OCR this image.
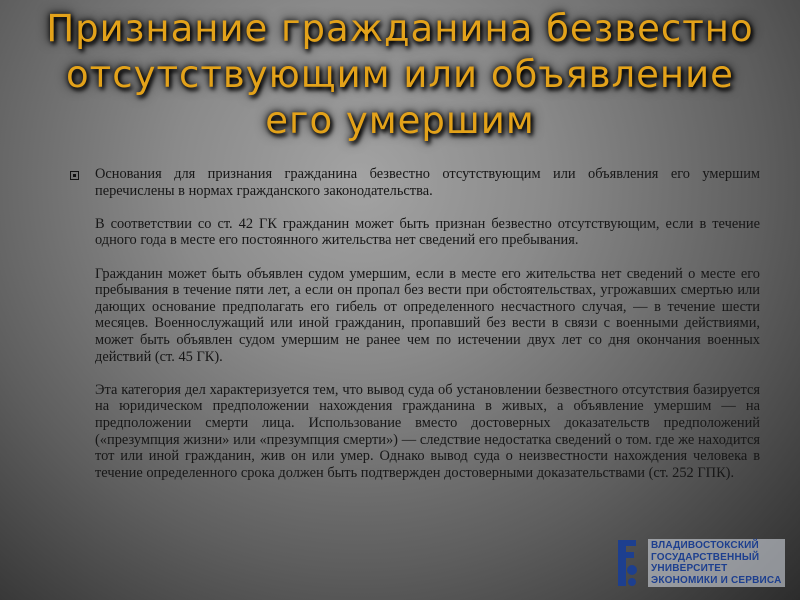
Признание гражданина безвестно
отсутствующим или объявление
его умершим

Основания для признания гражданина безвестно отсутствующим или объявления его умершим перечислены в нормах гражданского законодательства.

В соответствии со ст. 42 ГК гражданин может быть признан безвестно отсутствующим, если в течение одного года в месте его постоянного жительства нет сведений его пребывания.

Гражданин может быть объявлен судом умершим, если в месте его жительства нет сведений о месте его пребывания в течение пяти лет, а если он пропал без вести при обстоятельствах, угрожавших смертью или дающих основание предполагать его гибель от определенного несчастного случая, — в течение шести месяцев. Военнослужащий или иной гражданин, пропавший без вести в связи с военными действиями, может быть объявлен судом умершим не ранее чем по истечении двух лет со дня окончания военных действий (ст. 45 ГК).

Эта категория дел характеризуется тем, что вывод суда об установлении безвестного отсутствия базируется на юридическом предположении нахождения гражданина в живых, а объявление умершим — на предположении смерти лица. Использование вместо достоверных доказательств предположений («презумпция жизни» или «презумпция смерти») — следствие недостатка сведений о том. где же находится тот или иной гражданин, жив он или умер. Однако вывод суда о неизвестности нахождения человека в течение определенного срока должен быть подтвержден достоверными доказательствами (ст. 252 ГПК).

ВЛАДИВОСТОКСКИЙ
ГОСУДАРСТВЕННЫЙ
УНИВЕРСИТЕТ
ЭКОНОМИКИ И СЕРВИСА
